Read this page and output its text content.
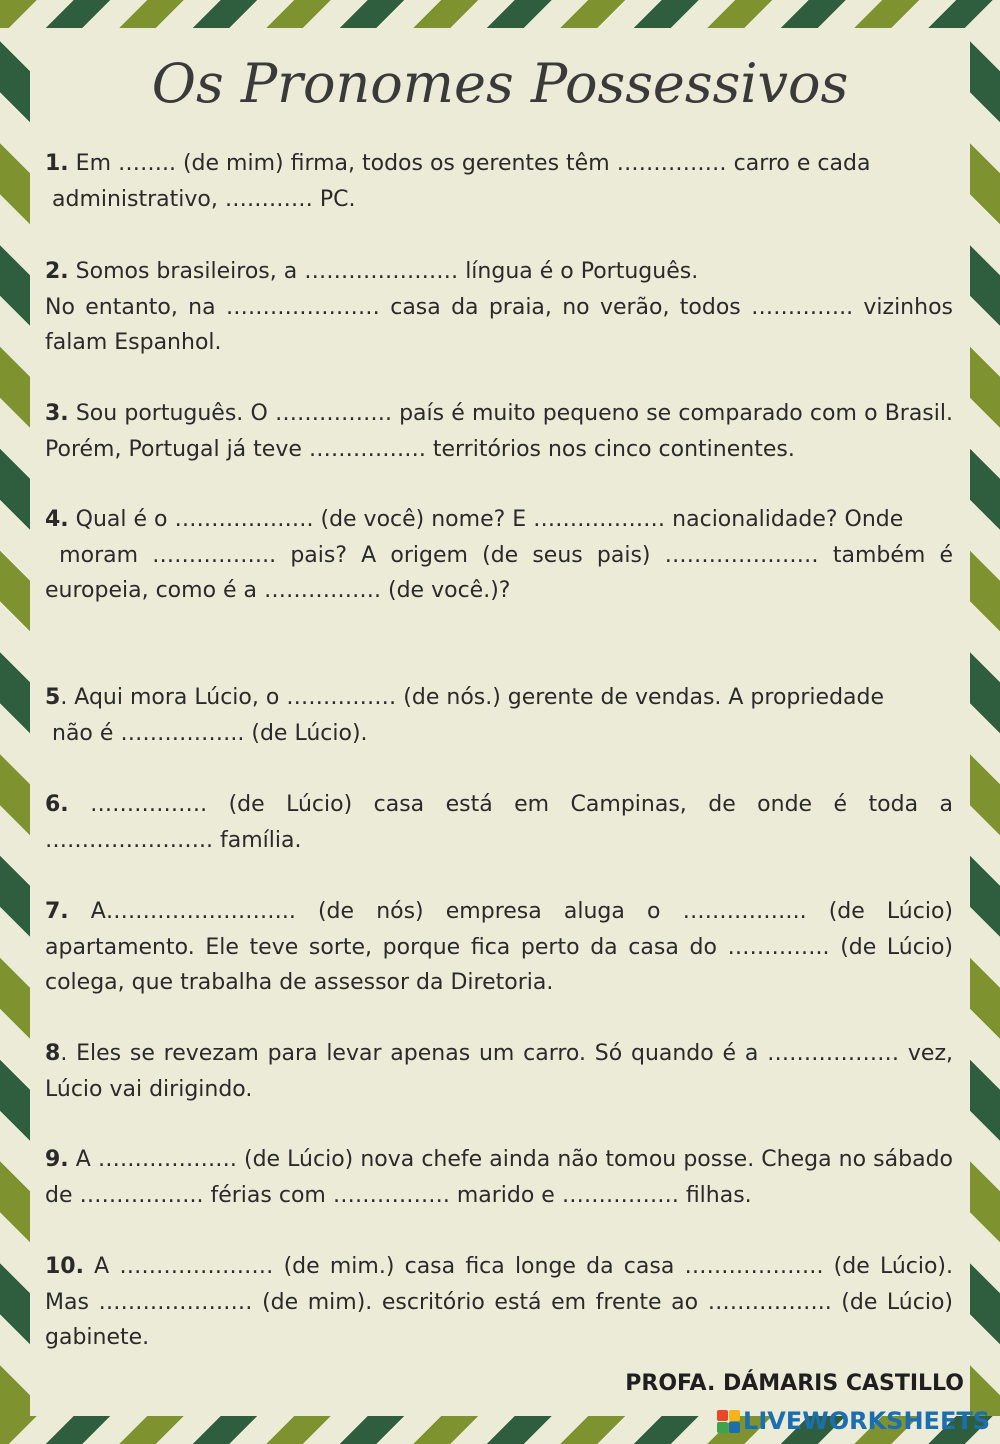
Os Pronomes Possessivos

1. Em …….. (de mim) firma, todos os gerentes têm …………… carro e cada
administrativo, ………… PC.

2. Somos brasileiros, a ………………… língua é o Português.
No entanto, na ………………… casa da praia, no verão, todos ………….. vizinhos falam Espanhol.

3. Sou português. O ……………. país é muito pequeno se comparado com o Brasil. Porém, Portugal já teve ……………. territórios nos cinco continentes.

4. Qual é o ………………. (de você) nome? E ……………… nacionalidade? Onde
moram …………….. pais? A origem (de seus pais) ………………… também é europeia, como é a ……………. (de você.)?

5. Aqui mora Lúcio, o …………… (de nós.) gerente de vendas. A propriedade
não é …………….. (de Lúcio).

6. ……………. (de Lúcio) casa está em Campinas, de onde é toda a ………………….. família.

7. A…………………….. (de nós) empresa aluga o …………….. (de Lúcio) apartamento. Ele teve sorte, porque fica perto da casa do ………….. (de Lúcio) colega, que trabalha de assessor da Diretoria.

8. Eles se revezam para levar apenas um carro. Só quando é a ……………… vez, Lúcio vai dirigindo.

9. A ………………. (de Lúcio) nova chefe ainda não tomou posse. Chega no sábado de …………….. férias com ……………. marido e ……………. filhas.

10. A ………………… (de mim.) casa fica longe da casa ………………. (de Lúcio). Mas ………………… (de mim). escritório está em frente ao …………….. (de Lúcio) gabinete.

PROFA. DÁMARIS CASTILLO
LIVEWORKSHEETS
